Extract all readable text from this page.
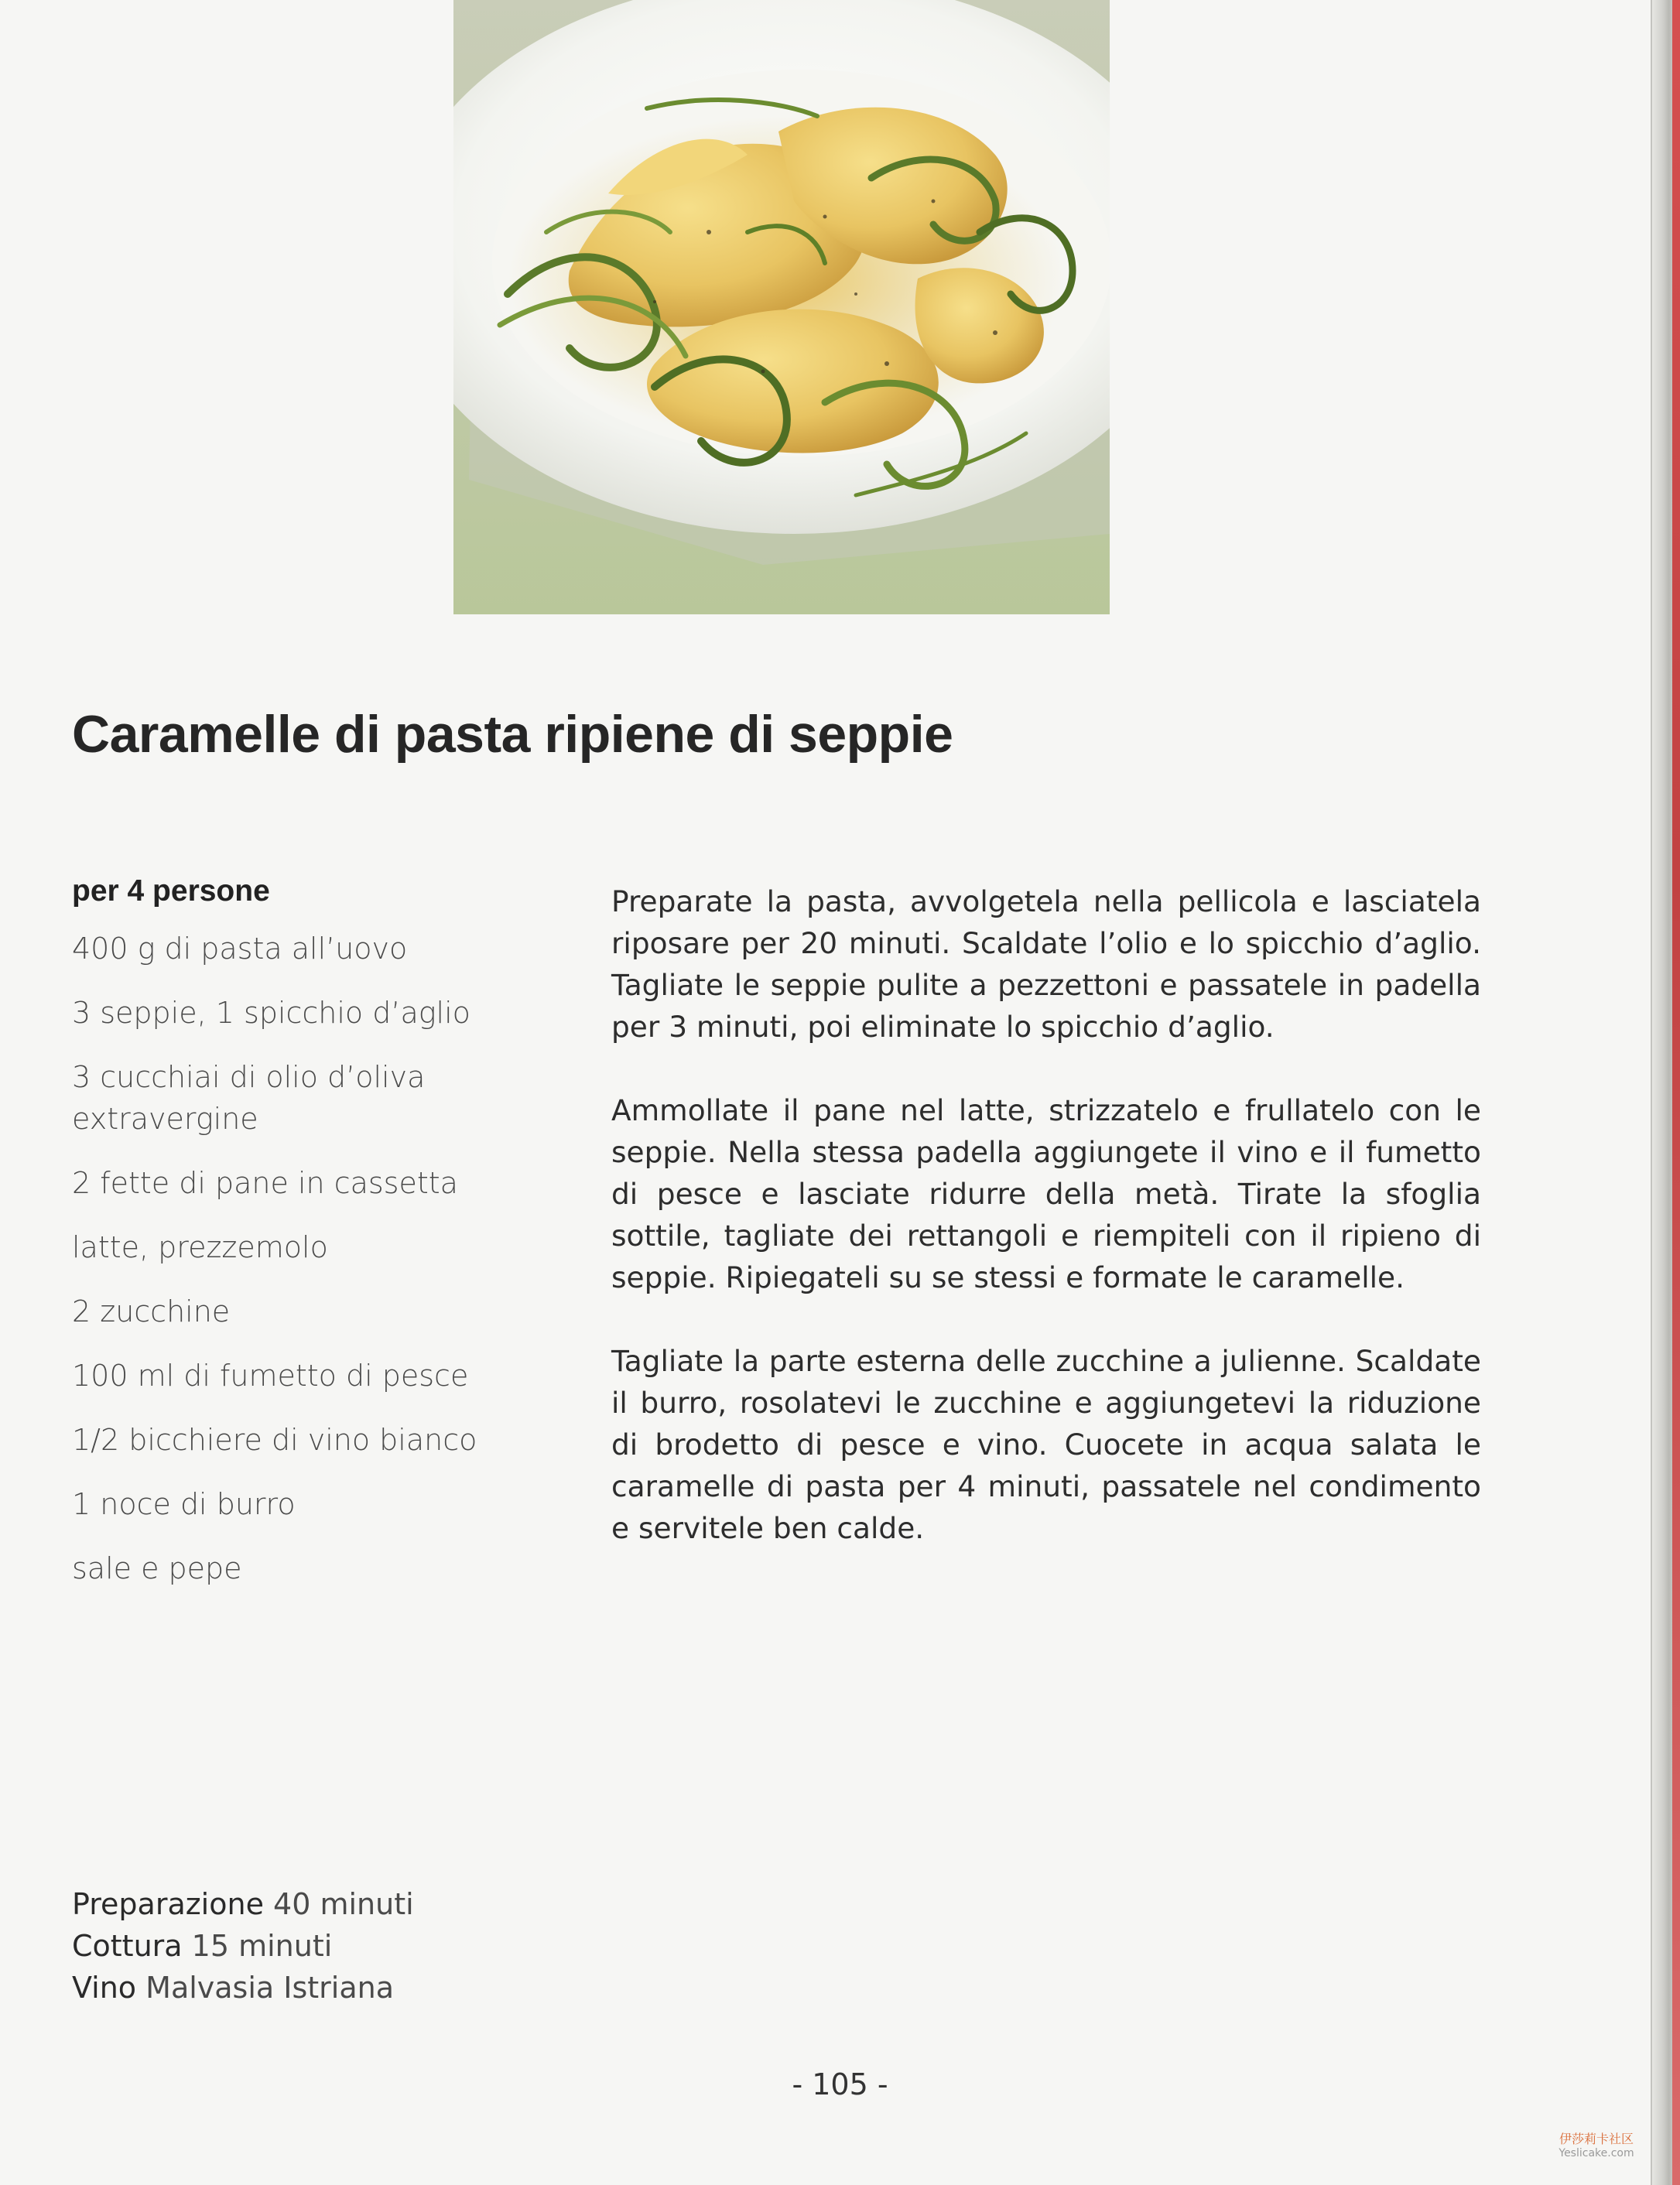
Caramelle di pasta ripiene di seppie
per 4 persone
400 g di pasta all’uovo
3 seppie, 1 spicchio d’aglio
3 cucchiai di olio d’oliva extravergine
2 fette di pane in cassetta
latte, prezzemolo
2 zucchine
100 ml di fumetto di pesce
1/2 bicchiere di vino bianco
1 noce di burro
sale e pepe

Preparate la pasta, avvolgetela nella pellicola e lasciatela riposare per 20 minuti. Scaldate l’olio e lo spicchio d’aglio. Tagliate le seppie pulite a pezzettoni e passatele in padella per 3 minuti, poi eliminate lo spicchio d’aglio.

Ammollate il pane nel latte, strizzatelo e frullatelo con le seppie. Nella stessa padella aggiungete il vino e il fumetto di pesce e lasciate ridurre della metà. Tirate la sfoglia sottile, tagliate dei rettangoli e riempiteli con il ripieno di seppie. Ripiegateli su se stessi e formate le caramelle.

Tagliate la parte esterna delle zucchine a julienne. Scaldate il burro, rosolatevi le zucchine e aggiungetevi la riduzione di brodetto di pesce e vino. Cuocete in acqua salata le caramelle di pasta per 4 minuti, passatele nel condimento e servitele ben calde.

Preparazione 40 minuti
Cottura 15 minuti
Vino Malvasia Istriana
- 105 -
伊莎莉卡社区
Yeslicake.com
